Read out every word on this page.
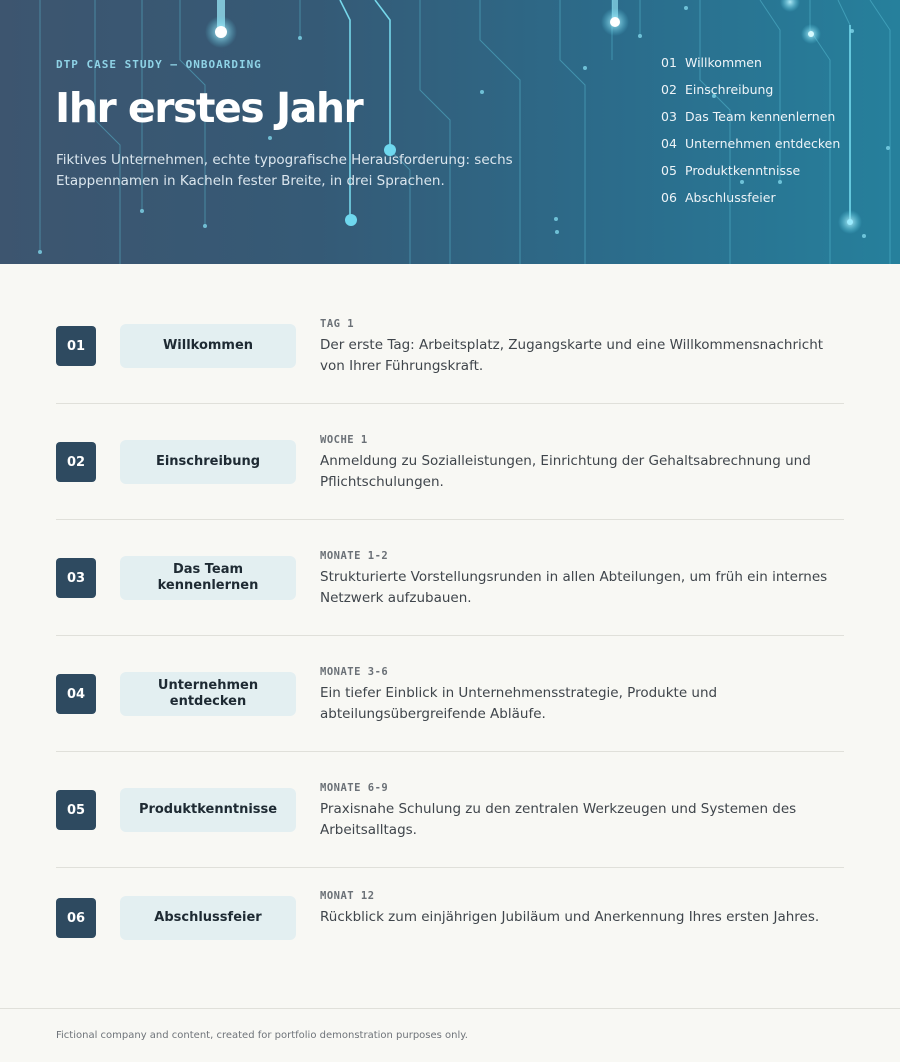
DTP CASE STUDY — ONBOARDING
Ihr erstes Jahr

Fiktives Unternehmen, echte typografische Herausforderung: sechs Etappennamen in Kacheln fester Breite, in drei Sprachen.

01 Willkommen
02 Einschreibung
03 Das Team kennenlernen
04 Unternehmen entdecken
05 Produktkenntnisse
06 Abschlussfeier
01	Willkommen
TAG 1

Der erste Tag: Arbeitsplatz, Zugangskarte und eine Willkommensnachricht von Ihrer Führungskraft.

02	Einschreibung
WOCHE 1

Anmeldung zu Sozialleistungen, Einrichtung der Gehaltsabrechnung und Pflichtschulungen.

03
Das Team kennenlernen
MONATE 1-2

Strukturierte Vorstellungsrunden in allen Abteilungen, um früh ein internes Netzwerk aufzubauen.

04
Unternehmen entdecken
MONATE 3-6

Ein tiefer Einblick in Unternehmensstrategie, Produkte und abteilungsübergreifende Abläufe.

05	Produktkenntnisse
MONATE 6-9

Praxisnahe Schulung zu den zentralen Werkzeugen und Systemen des Arbeitsalltags.

06	Abschlussfeier
MONAT 12

Rückblick zum einjährigen Jubiläum und Anerkennung Ihres ersten Jahres.

Fictional company and content, created for portfolio demonstration purposes only.
